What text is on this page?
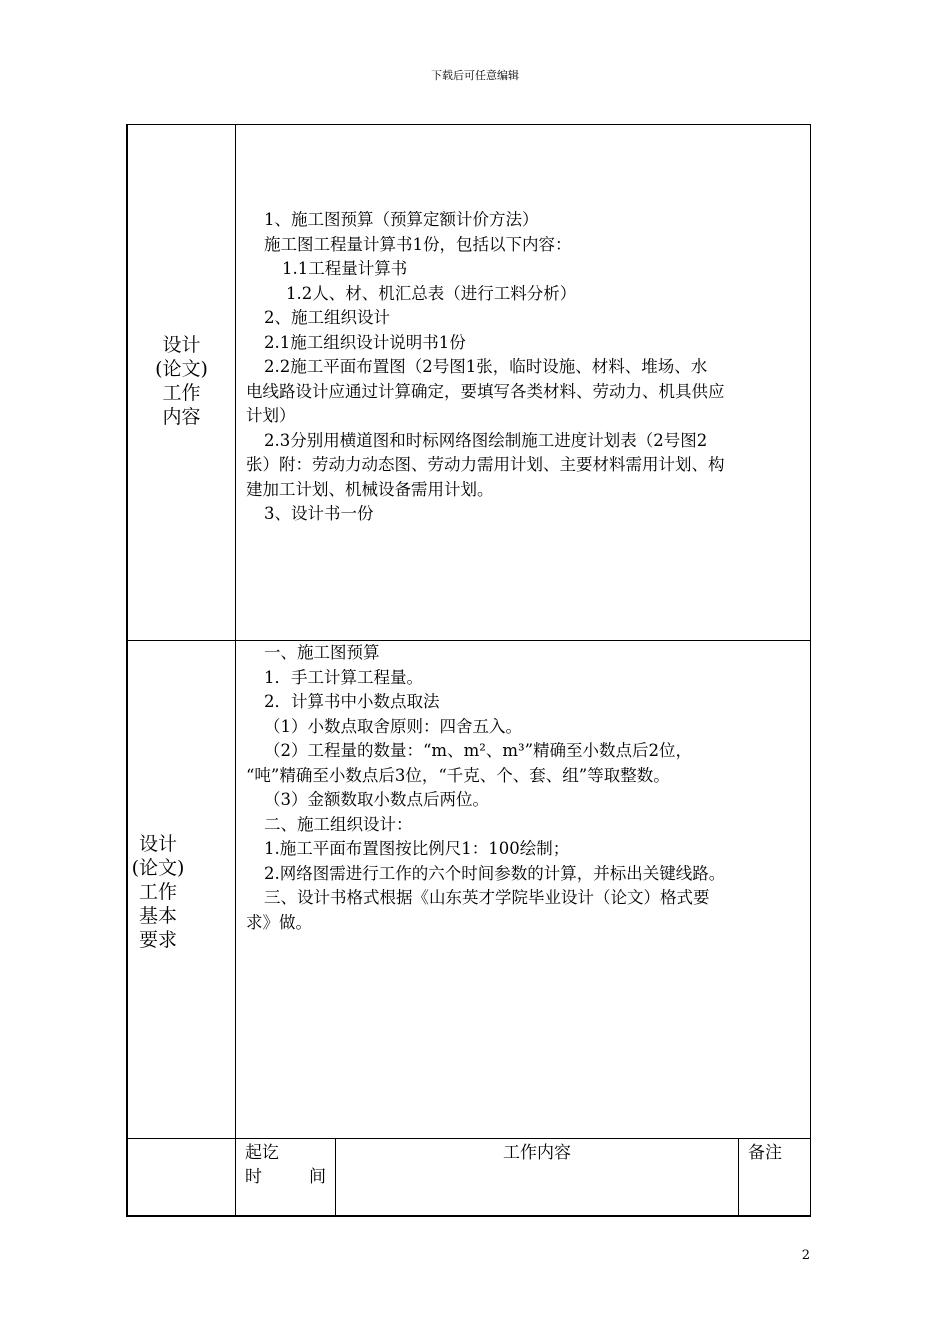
下载后可任意编辑
设计
(论文)
工作
内容
1、施工图预算（预算定额计价方法）
施工图工程量计算书1份，包括以下内容：
1.1工程量计算书
1.2人、材、机汇总表（进行工料分析）
2、施工组织设计
2.1施工组织设计说明书1份
2.2施工平面布置图（2号图1张，临时设施、材料、堆场、水
电线路设计应通过计算确定，要填写各类材料、劳动力、机具供应
计划）
2.3分别用横道图和时标网络图绘制施工进度计划表（2号图2
张）附：劳动力动态图、劳动力需用计划、主要材料需用计划、构
建加工计划、机械设备需用计划。
3、设计书一份
设计
(论文)
工作
基本
要求
一、施工图预算
1．手工计算工程量。
2．计算书中小数点取法
（1）小数点取舍原则：四舍五入。
（2）工程量的数量：“m、m²、m³”精确至小数点后2位，
“吨”精确至小数点后3位，“千克、个、套、组”等取整数。
（3）金额数取小数点后两位。
二、施工组织设计：
1.施工平面布置图按比例尺1：100绘制；
2.网络图需进行工作的六个时间参数的计算，并标出关键线路。
三、设计书格式根据《山东英才学院毕业设计（论文）格式要
求》做。
起讫
时	间
工作内容	备注
2
